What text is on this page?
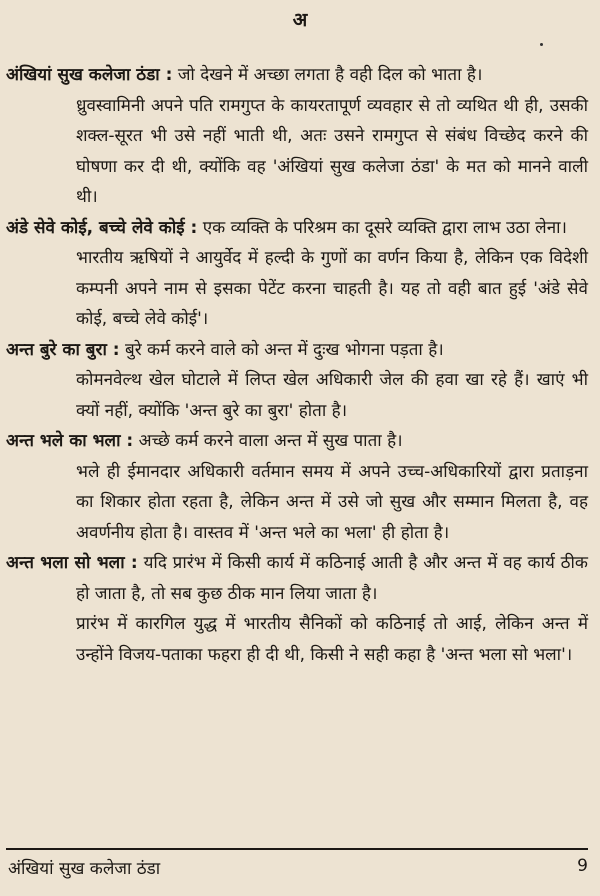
अ

अंखियां सुख कलेजा ठंडा : जो देखने में अच्छा लगता है वही दिल को भाता है।

ध्रुवस्वामिनी अपने पति रामगुप्त के कायरतापूर्ण व्यवहार से तो व्यथित थी ही, उसकी शक्ल-सूरत भी उसे नहीं भाती थी, अतः उसने रामगुप्त से संबंध विच्छेद करने की घोषणा कर दी थी, क्योंकि वह 'अंखियां सुख कलेजा ठंडा' के मत को मानने वाली थी।

अंडे सेवे कोई, बच्चे लेवे कोई : एक व्यक्ति के परिश्रम का दूसरे व्यक्ति द्वारा लाभ उठा लेना।

भारतीय ऋषियों ने आयुर्वेद में हल्दी के गुणों का वर्णन किया है, लेकिन एक विदेशी कम्पनी अपने नाम से इसका पेटेंट करना चाहती है। यह तो वही बात हुई 'अंडे सेवे कोई, बच्चे लेवे कोई'।

अन्त बुरे का बुरा : बुरे कर्म करने वाले को अन्त में दुःख भोगना पड़ता है।

कोमनवेल्थ खेल घोटाले में लिप्त खेल अधिकारी जेल की हवा खा रहे हैं। खाएं भी क्यों नहीं, क्योंकि 'अन्त बुरे का बुरा' होता है।

अन्त भले का भला : अच्छे कर्म करने वाला अन्त में सुख पाता है।

भले ही ईमानदार अधिकारी वर्तमान समय में अपने उच्च-अधिकारियों द्वारा प्रताड़ना का शिकार होता रहता है, लेकिन अन्त में उसे जो सुख और सम्मान मिलता है, वह अवर्णनीय होता है। वास्तव में 'अन्त भले का भला' ही होता है।

अन्त भला सो भला : यदि प्रारंभ में किसी कार्य में कठिनाई आती है और अन्त में वह कार्य ठीक हो जाता है, तो सब कुछ ठीक मान लिया जाता है।

प्रारंभ में कारगिल युद्ध में भारतीय सैनिकों को कठिनाई तो आई, लेकिन अन्त में उन्होंने विजय-पताका फहरा ही दी थी, किसी ने सही कहा है 'अन्त भला सो भला'।

अंखियां सुख कलेजा ठंडा	9
